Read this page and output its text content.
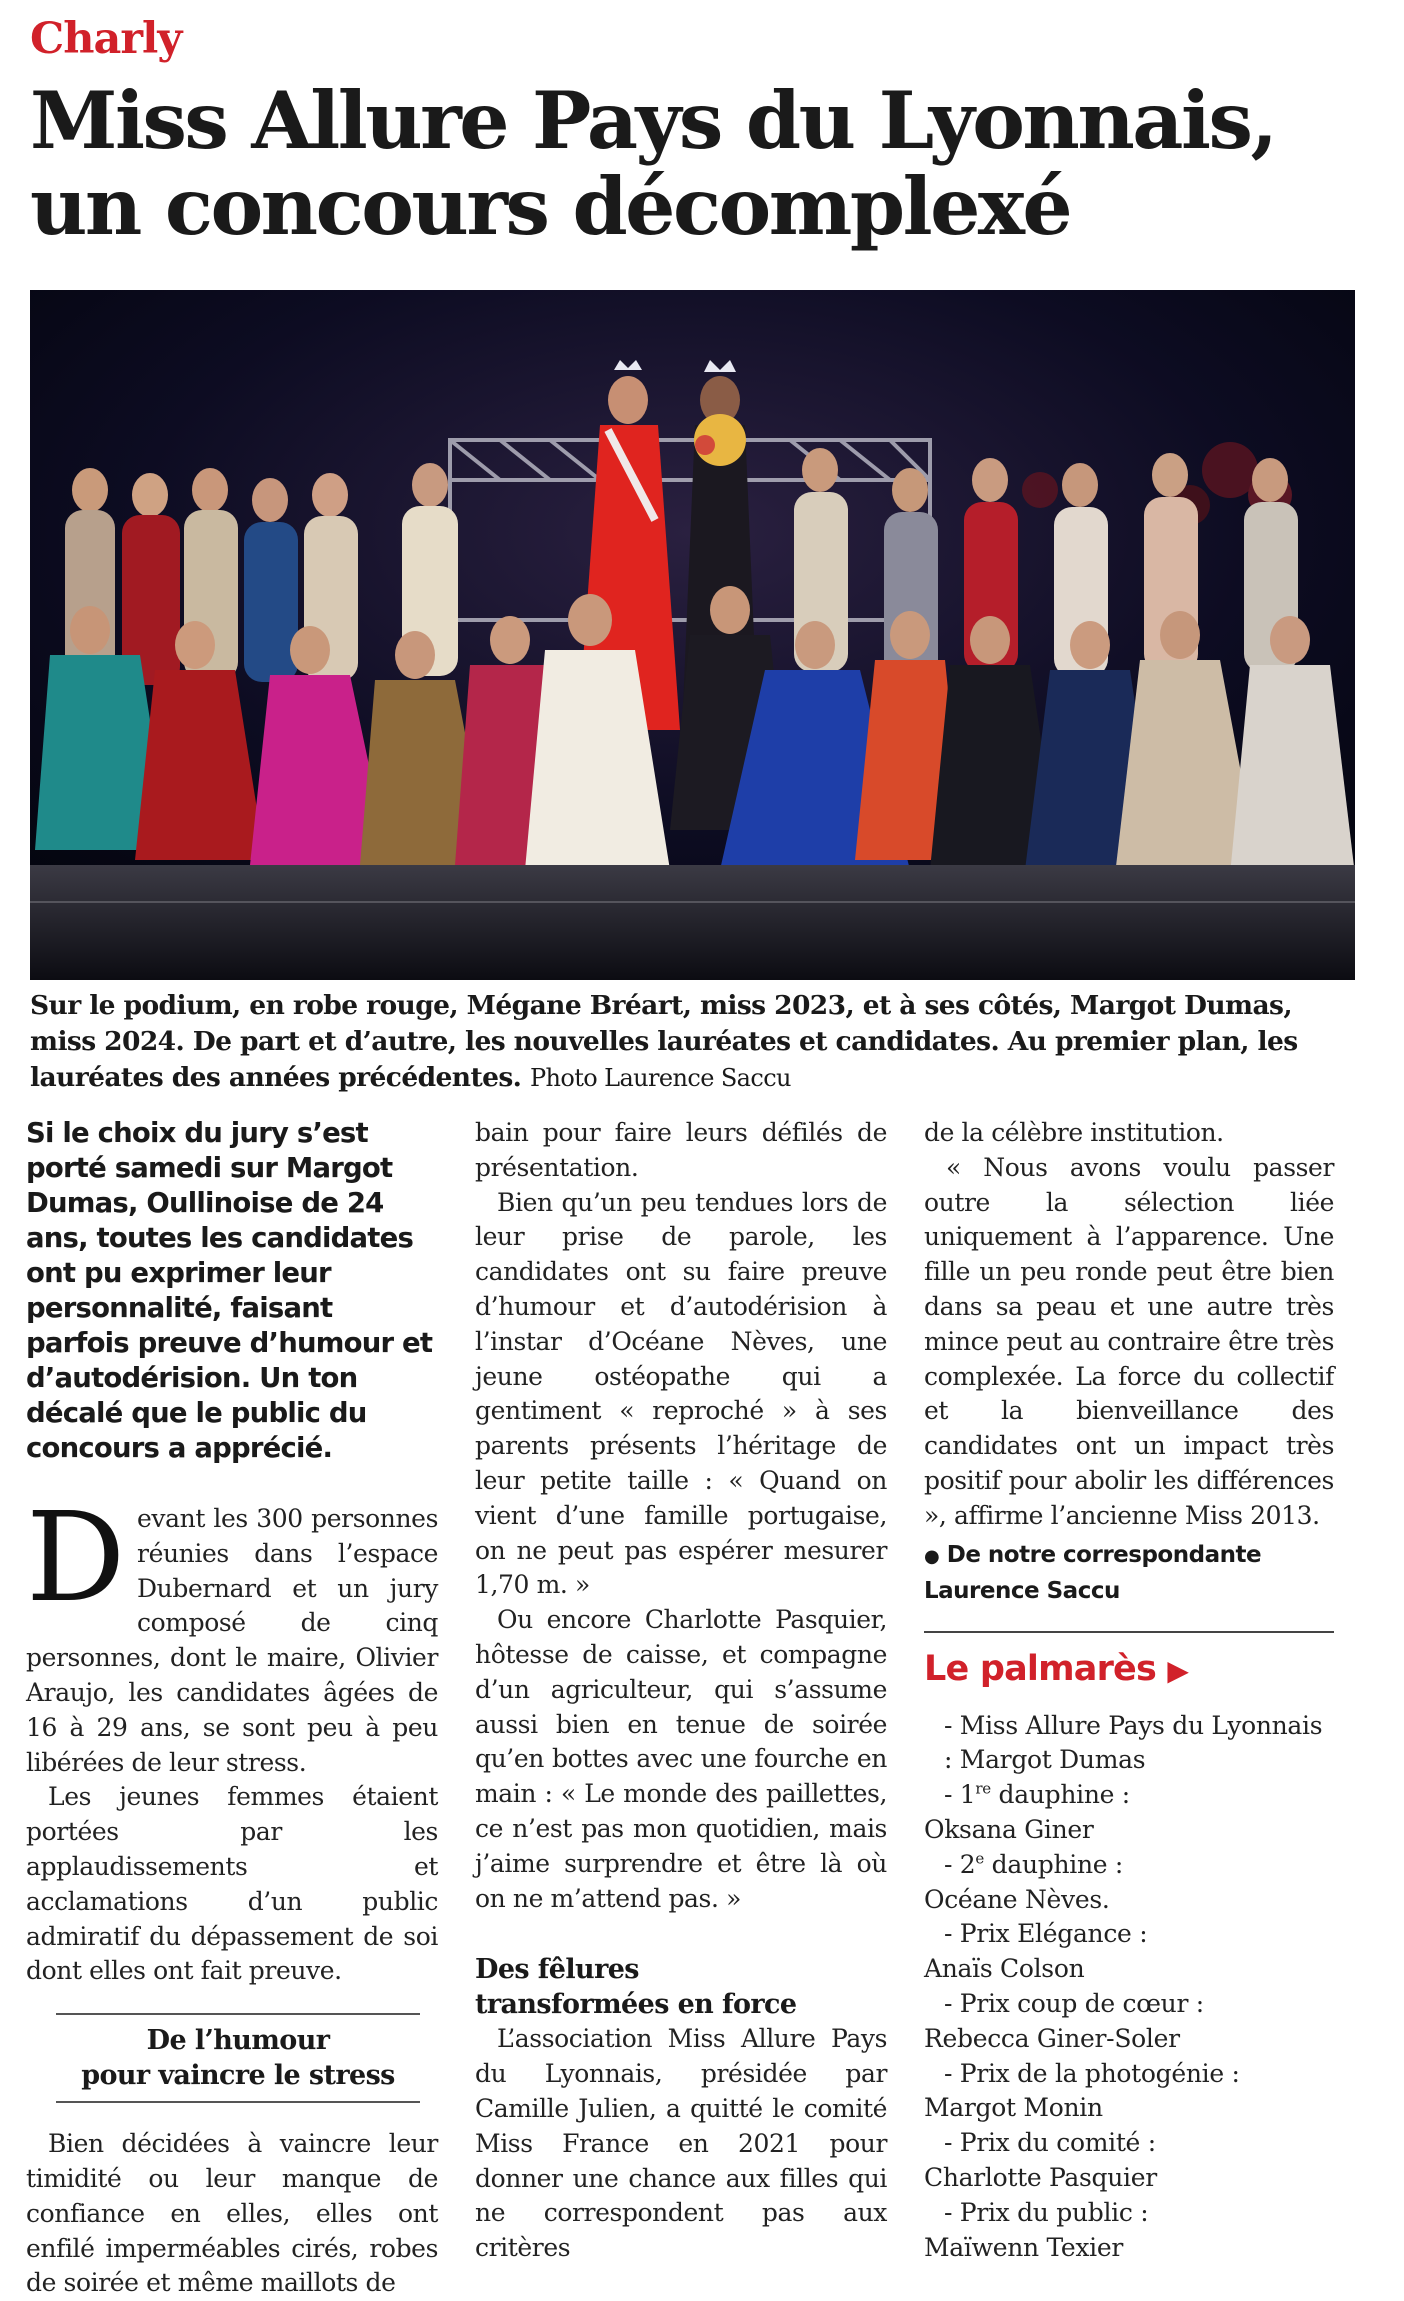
Charly
Miss Allure Pays du Lyonnais,
un concours décomplexé
Sur le podium, en robe rouge, Mégane Bréart, miss 2023, et à ses côtés, Margot Dumas, miss 2024. De part et d’autre, les nouvelles lauréates et candidates. Au premier plan, les lauréates des années précédentes. Photo Laurence Saccu

Si le choix du jury s’est porté samedi sur Margot Dumas, Oullinoise de 24 ans, toutes les candidates ont pu exprimer leur personnalité, faisant parfois preuve d’humour et d’autodérision. Un ton décalé que le public du concours a apprécié.

Devant les 300 personnes réunies dans l’espace Dubernard et un jury composé de cinq personnes, dont le maire, Olivier Araujo, les candidates âgées de 16 à 29 ans, se sont peu à peu libérées de leur stress.

Les jeunes femmes étaient portées par les applaudissements et acclamations d’un public admiratif du dépassement de soi dont elles ont fait preuve.

De l’humour
pour vaincre le stress

Bien décidées à vaincre leur timidité ou leur manque de confiance en elles, elles ont enfilé imperméables cirés, robes de soirée et même maillots de

bain pour faire leurs défilés de présentation.

Bien qu’un peu tendues lors de leur prise de parole, les candidates ont su faire preuve d’humour et d’autodérision à l’instar d’Océane Nèves, une jeune ostéopathe qui a gentiment « reproché » à ses parents présents l’héritage de leur petite taille : « Quand on vient d’une famille portugaise, on ne peut pas espérer mesurer 1,70 m. »

Ou encore Charlotte Pasquier, hôtesse de caisse, et compagne d’un agriculteur, qui s’assume aussi bien en tenue de soirée qu’en bottes avec une fourche en main : « Le monde des paillettes, ce n’est pas mon quotidien, mais j’aime surprendre et être là où on ne m’attend pas. »

Des fêlures
transformées en force

L’association Miss Allure Pays du Lyonnais, présidée par Camille Julien, a quitté le comité Miss France en 2021 pour donner une chance aux filles qui ne correspondent pas aux critères

de la célèbre institution.

« Nous avons voulu passer outre la sélection liée uniquement à l’apparence. Une fille un peu ronde peut être bien dans sa peau et une autre très mince peut au contraire être très complexée. La force du collectif et la bienveillance des candidates ont un impact très positif pour abolir les différences », affirme l’ancienne Miss 2013.

● De notre correspondante
Laurence Saccu
Le palmarès ▶

- Miss Allure Pays du Lyonnais : Margot Dumas

- 1re dauphine :

Oksana Giner

- 2e dauphine :

Océane Nèves.

- Prix Elégance :

Anaïs Colson

- Prix coup de cœur :

Rebecca Giner-Soler

- Prix de la photogénie :

Margot Monin

- Prix du comité :

Charlotte Pasquier

- Prix du public :

Maïwenn Texier
